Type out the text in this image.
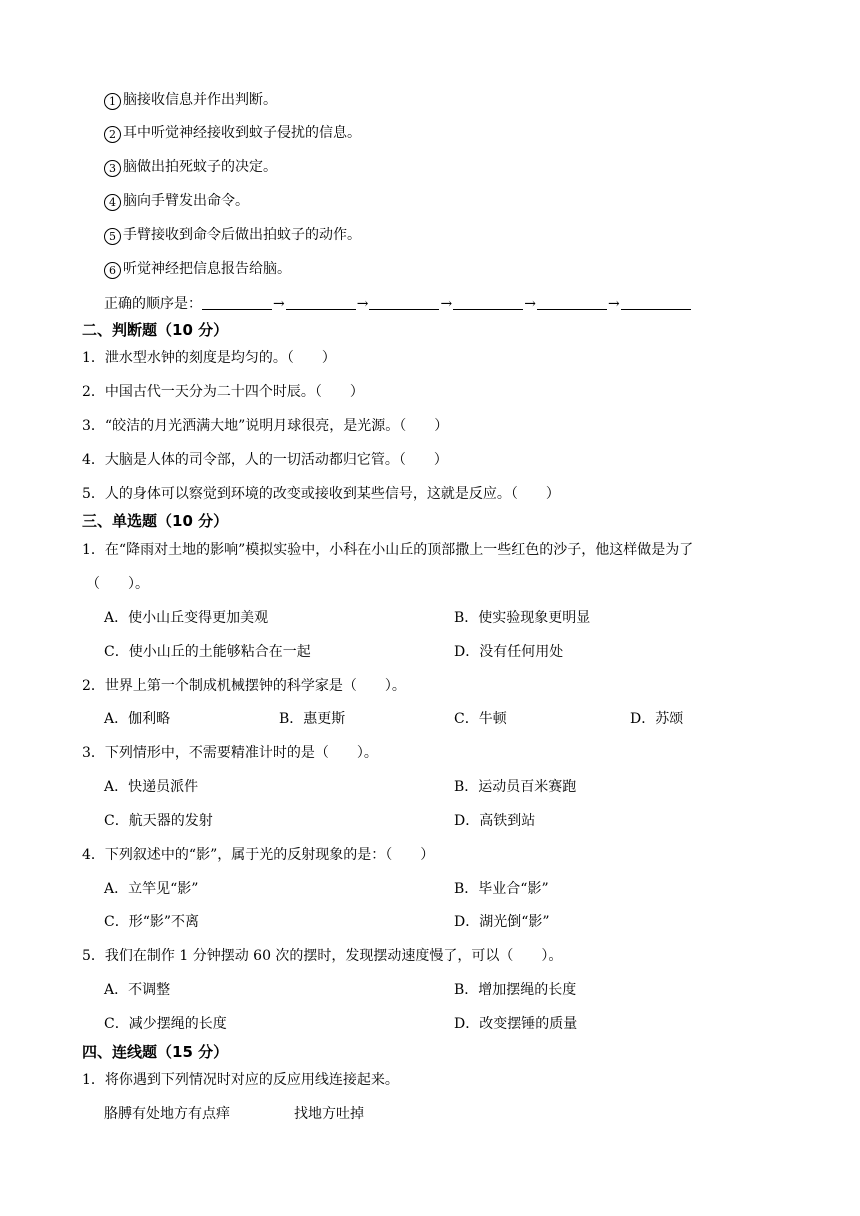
1 脑接收信息并作出判断。
2 耳中听觉神经接收到蚊子侵扰的信息。
3 脑做出拍死蚊子的决定。
4 脑向手臂发出命令。
5 手臂接收到命令后做出拍蚊子的动作。
6 听觉神经把信息报告给脑。
正确的顺序是：	→	→	→	→	→
二、判断题（10 分）
1．泄水型水钟的刻度是均匀的。（　　）
2．中国古代一天分为二十四个时辰。（　　）
3．“皎洁的月光洒满大地”说明月球很亮，是光源。（　　）
4．大脑是人体的司令部，人的一切活动都归它管。（　　）
5．人的身体可以察觉到环境的改变或接收到某些信号，这就是反应。（　　）
三、单选题（10 分）
1．在“降雨对土地的影响”模拟实验中，小科在小山丘的顶部撒上一些红色的沙子，他这样做是为了
（　　）。
A．使小山丘变得更加美观	B．使实验现象更明显
C．使小山丘的土能够粘合在一起	D．没有任何用处
2．世界上第一个制成机械摆钟的科学家是（　　）。
A．伽利略	B．惠更斯	C．牛顿	D．苏颂
3．下列情形中，不需要精准计时的是（　　）。
A．快递员派件	B．运动员百米赛跑
C．航天器的发射	D．高铁到站
4．下列叙述中的“影”，属于光的反射现象的是：（　　）
A．立竿见“影”	B．毕业合“影”
C．形“影”不离	D．湖光倒“影”
5．我们在制作 1 分钟摆动 60 次的摆时，发现摆动速度慢了，可以（　　）。
A．不调整	B．增加摆绳的长度
C．减少摆绳的长度	D．改变摆锤的质量
四、连线题（15 分）
1．将你遇到下列情况时对应的反应用线连接起来。
胳膊有处地方有点痒	找地方吐掉
